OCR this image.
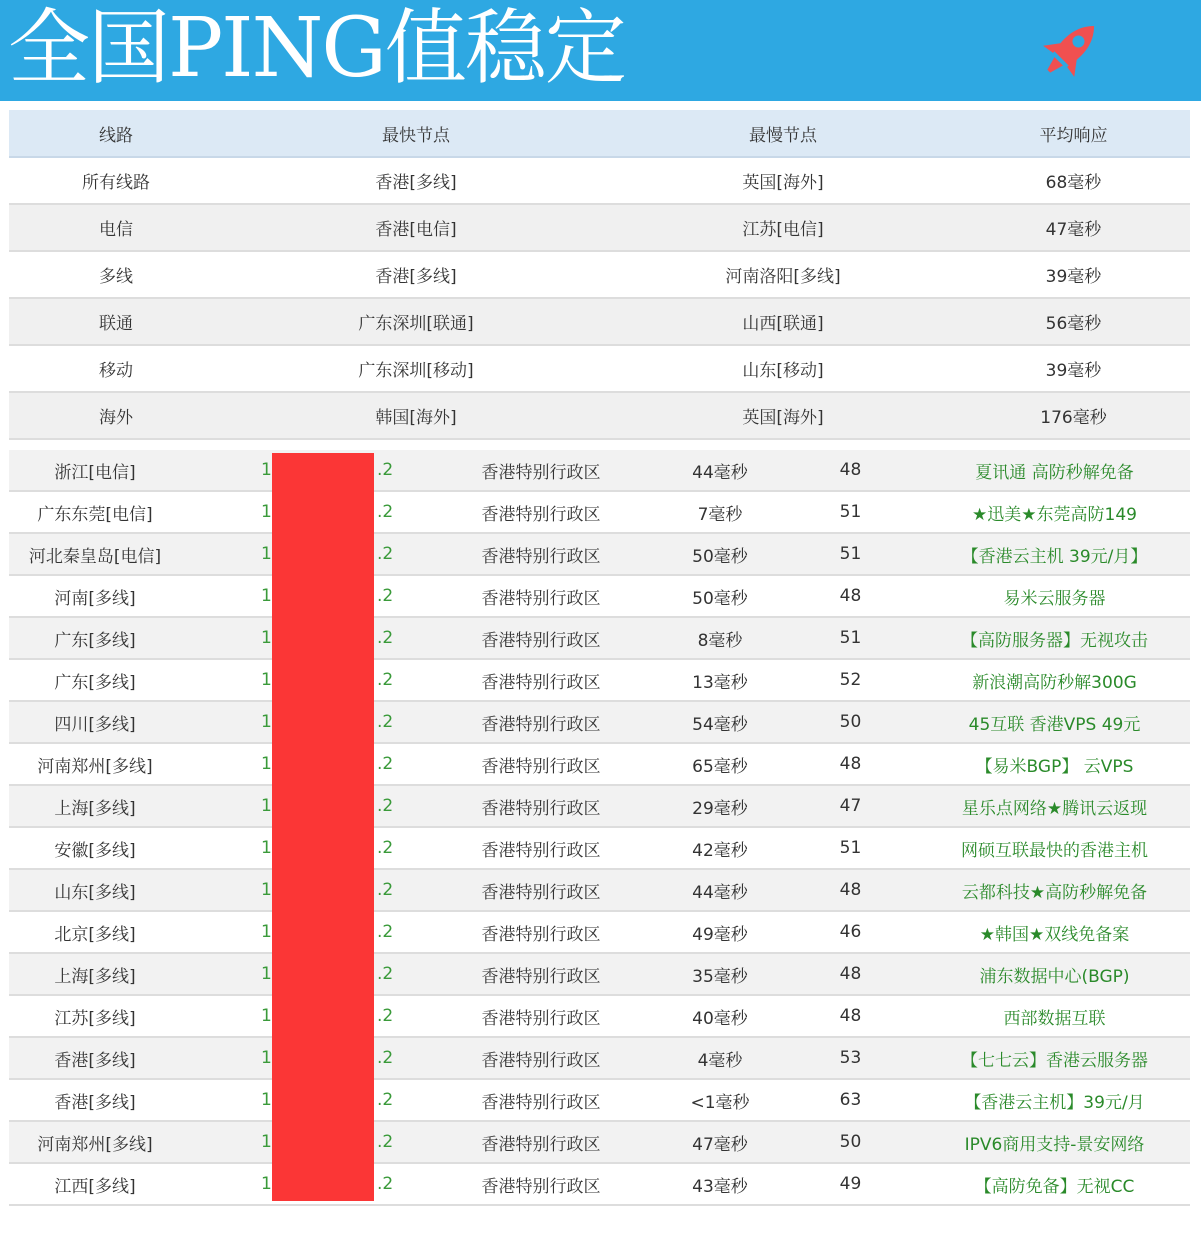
全国PING值稳定
线路	最快节点	最慢节点	平均响应
所有线路	香港[多线]	英国[海外]	68毫秒
电信	香港[电信]	江苏[电信]	47毫秒
多线	香港[多线]	河南洛阳[多线]	39毫秒
联通	广东深圳[联通]	山西[联通]	56毫秒
移动	广东深圳[移动]	山东[移动]	39毫秒
海外	韩国[海外]	英国[海外]	176毫秒
浙江[电信]	1 .2	香港特别行政区	44毫秒	48	夏讯通 高防秒解免备
广东东莞[电信]	1 .2	香港特别行政区	7毫秒	51	★迅美★东莞高防149
河北秦皇岛[电信]	1 .2	香港特别行政区	50毫秒	51	【香港云主机 39元/月】
河南[多线]	1 .2	香港特别行政区	50毫秒	48	易米云服务器
广东[多线]	1 .2	香港特别行政区	8毫秒	51	【高防服务器】无视攻击
广东[多线]	1 .2	香港特别行政区	13毫秒	52	新浪潮高防秒解300G
四川[多线]	1 .2	香港特别行政区	54毫秒	50	45互联 香港VPS 49元
河南郑州[多线]	1 .2	香港特别行政区	65毫秒	48	【易米BGP】 云VPS
上海[多线]	1 .2	香港特别行政区	29毫秒	47	星乐点网络★腾讯云返现
安徽[多线]	1 .2	香港特别行政区	42毫秒	51	网硕互联最快的香港主机
山东[多线]	1 .2	香港特别行政区	44毫秒	48	云都科技★高防秒解免备
北京[多线]	1 .2	香港特别行政区	49毫秒	46	★韩国★双线免备案
上海[多线]	1 .2	香港特别行政区	35毫秒	48	浦东数据中心(BGP)
江苏[多线]	1 .2	香港特别行政区	40毫秒	48	西部数据互联
香港[多线]	1 .2	香港特别行政区	4毫秒	53	【七七云】香港云服务器
香港[多线]	1 .2	香港特别行政区	<1毫秒	63	【香港云主机】39元/月
河南郑州[多线]	1 .2	香港特别行政区	47毫秒	50	IPV6商用支持-景安网络
江西[多线]	1 .2	香港特别行政区	43毫秒	49	【高防免备】无视CC
